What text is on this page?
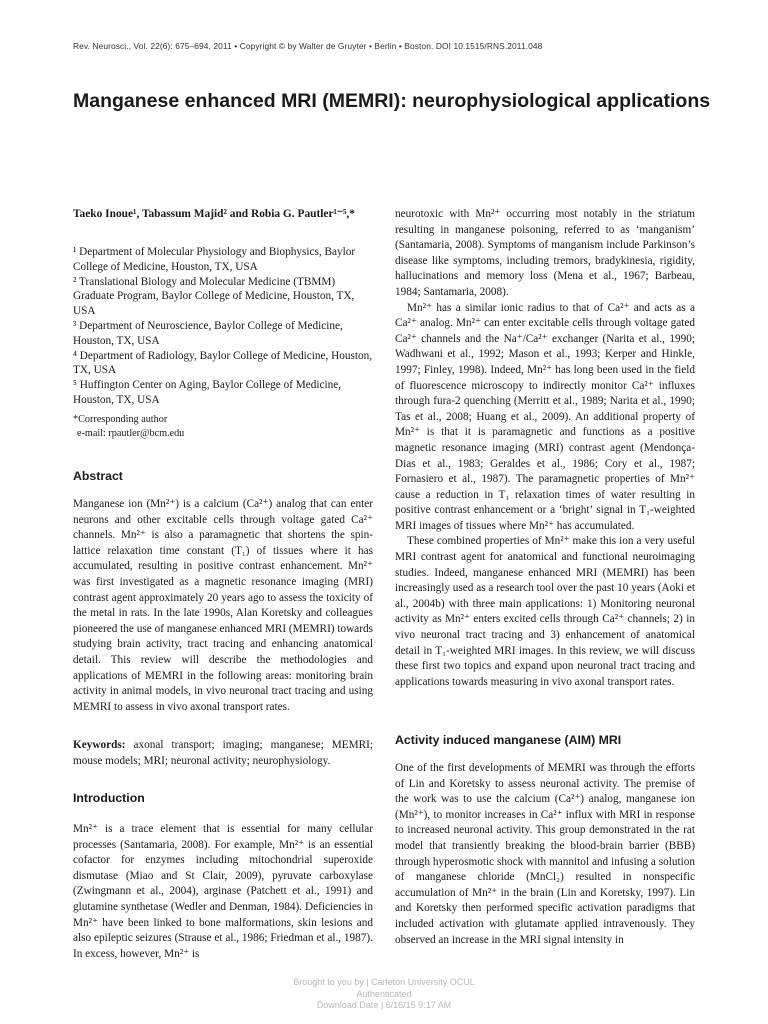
Rev. Neurosci., Vol. 22(6): 675–694, 2011 • Copyright © by Walter de Gruyter • Berlin • Boston. DOI 10.1515/RNS.2011.048
Manganese enhanced MRI (MEMRI): neurophysiological applications
Taeko Inoue¹, Tabassum Majid² and Robia G. Pautler¹⁻⁵,*

¹ Department of Molecular Physiology and Biophysics, Baylor College of Medicine, Houston, TX, USA

² Translational Biology and Molecular Medicine (TBMM) Graduate Program, Baylor College of Medicine, Houston, TX, USA

³ Department of Neuroscience, Baylor College of Medicine, Houston, TX, USA

⁴ Department of Radiology, Baylor College of Medicine, Houston, TX, USA

⁵ Huffington Center on Aging, Baylor College of Medicine, Houston, TX, USA

*Corresponding author
e-mail: rpautler@bcm.edu
Abstract

Manganese ion (Mn²⁺) is a calcium (Ca²⁺) analog that can enter neurons and other excitable cells through voltage gated Ca²⁺ channels. Mn²⁺ is also a paramagnetic that shortens the spin-lattice relaxation time constant (T₁) of tissues where it has accumulated, resulting in positive contrast enhancement. Mn²⁺ was first investigated as a magnetic resonance imaging (MRI) contrast agent approximately 20 years ago to assess the toxicity of the metal in rats. In the late 1990s, Alan Koretsky and colleagues pioneered the use of manganese enhanced MRI (MEMRI) towards studying brain activity, tract tracing and enhancing anatomical detail. This review will describe the methodologies and applications of MEMRI in the following areas: monitoring brain activity in animal models, in vivo neuronal tract tracing and using MEMRI to assess in vivo axonal transport rates.

Keywords: axonal transport; imaging; manganese; MEMRI; mouse models; MRI; neuronal activity; neurophysiology.

Introduction

Mn²⁺ is a trace element that is essential for many cellular processes (Santamaria, 2008). For example, Mn²⁺ is an essential cofactor for enzymes including mitochondrial superoxide dismutase (Miao and St Clair, 2009), pyruvate carboxylase (Zwingmann et al., 2004), arginase (Patchett et al., 1991) and glutamine synthetase (Wedler and Denman, 1984). Deficiencies in Mn²⁺ have been linked to bone malformations, skin lesions and also epileptic seizures (Strause et al., 1986; Friedman et al., 1987). In excess, however, Mn²⁺ is

neurotoxic with Mn²⁺ occurring most notably in the striatum resulting in manganese poisoning, referred to as ‘manganism’ (Santamaria, 2008). Symptoms of manganism include Parkinson’s disease like symptoms, including tremors, bradykinesia, rigidity, hallucinations and memory loss (Mena et al., 1967; Barbeau, 1984; Santamaria, 2008).

Mn²⁺ has a similar ionic radius to that of Ca²⁺ and acts as a Ca²⁺ analog. Mn²⁺ can enter excitable cells through voltage gated Ca²⁺ channels and the Na⁺/Ca²⁺ exchanger (Narita et al., 1990; Wadhwani et al., 1992; Mason et al., 1993; Kerper and Hinkle, 1997; Finley, 1998). Indeed, Mn²⁺ has long been used in the field of fluorescence microscopy to indirectly monitor Ca²⁺ influxes through fura-2 quenching (Merritt et al., 1989; Narita et al., 1990; Tas et al., 2008; Huang et al., 2009). An additional property of Mn²⁺ is that it is paramagnetic and functions as a positive magnetic resonance imaging (MRI) contrast agent (Mendonça-Dias et al., 1983; Geraldes et al., 1986; Cory et al., 1987; Fornasiero et al., 1987). The paramagnetic properties of Mn²⁺ cause a reduction in T₁ relaxation times of water resulting in positive contrast enhancement or a ‘bright’ signal in T₁-weighted MRI images of tissues where Mn²⁺ has accumulated.

These combined properties of Mn²⁺ make this ion a very useful MRI contrast agent for anatomical and functional neuroimaging studies. Indeed, manganese enhanced MRI (MEMRI) has been increasingly used as a research tool over the past 10 years (Aoki et al., 2004b) with three main applications: 1) Monitoring neuronal activity as Mn²⁺ enters excited cells through Ca²⁺ channels; 2) in vivo neuronal tract tracing and 3) enhancement of anatomical detail in T₁-weighted MRI images. In this review, we will discuss these first two topics and expand upon neuronal tract tracing and applications towards measuring in vivo axonal transport rates.

Activity induced manganese (AIM) MRI

One of the first developments of MEMRI was through the efforts of Lin and Koretsky to assess neuronal activity. The premise of the work was to use the calcium (Ca²⁺) analog, manganese ion (Mn²⁺), to monitor increases in Ca²⁺ influx with MRI in response to increased neuronal activity. This group demonstrated in the rat model that transiently breaking the blood-brain barrier (BBB) through hyperosmotic shock with mannitol and infusing a solution of manganese chloride (MnCl₂) resulted in nonspecific accumulation of Mn²⁺ in the brain (Lin and Koretsky, 1997). Lin and Koretsky then performed specific activation paradigms that included activation with glutamate applied intravenously. They observed an increase in the MRI signal intensity in

Brought to you by | Carleton University OCUL
Authenticated
Download Date | 6/16/15 9:17 AM
